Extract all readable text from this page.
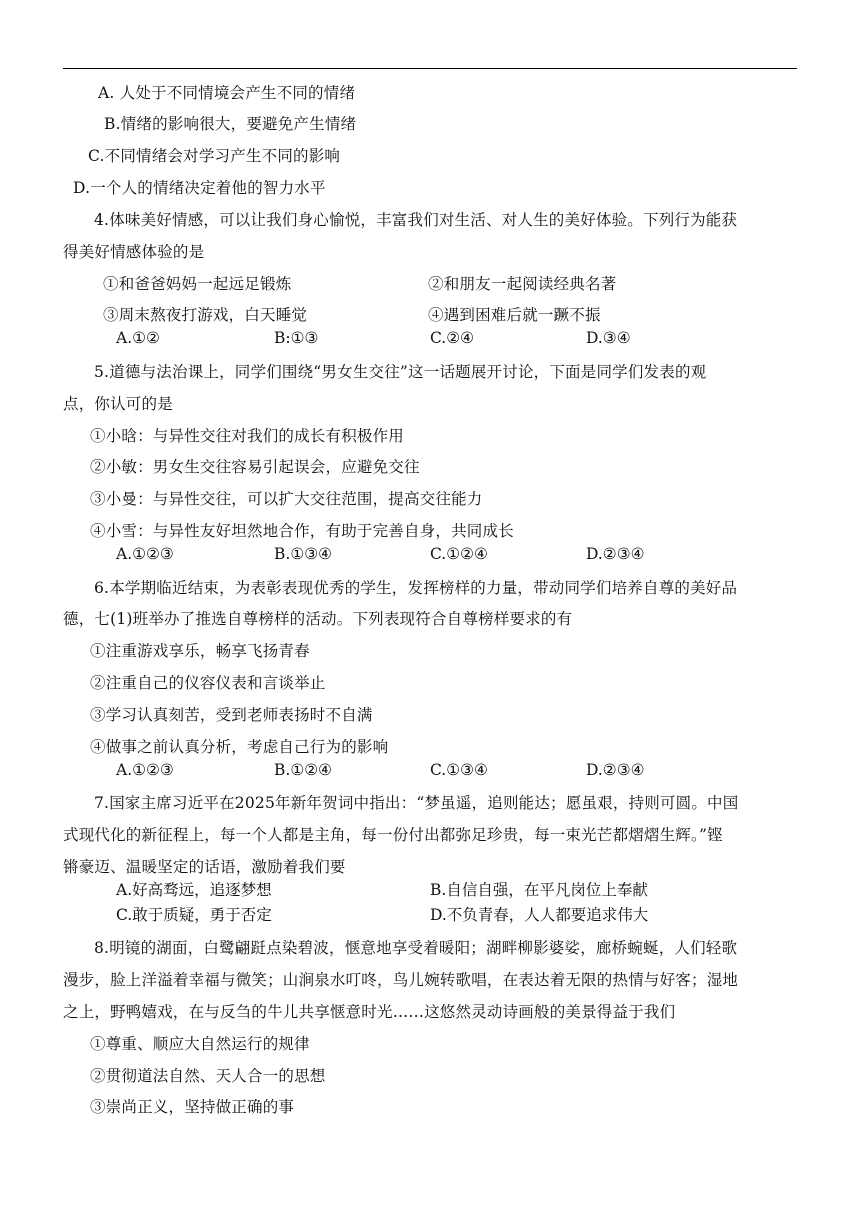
A. 人处于不同情境会产生不同的情绪
B.情绪的影响很大，要避免产生情绪
C.不同情绪会对学习产生不同的影响
D.一个人的情绪决定着他的智力水平
4.体味美好情感，可以让我们身心愉悦，丰富我们对生活、对人生的美好体验。下列行为能获
得美好情感体验的是
①和爸爸妈妈一起远足锻炼	②和朋友一起阅读经典名著
③周末熬夜打游戏，白天睡觉	④遇到困难后就一蹶不振
A.①②	B:①③	C.②④	D.③④
5.道德与法治课上，同学们围绕“男女生交往”这一话题展开讨论，下面是同学们发表的观
点，你认可的是
①小晗：与异性交往对我们的成长有积极作用
②小敏：男女生交往容易引起误会，应避免交往
③小曼：与异性交往，可以扩大交往范围，提高交往能力
④小雪：与异性友好坦然地合作，有助于完善自身，共同成长
A.①②③	B.①③④	C.①②④	D.②③④
6.本学期临近结束，为表彰表现优秀的学生，发挥榜样的力量，带动同学们培养自尊的美好品
德，七(1)班举办了推选自尊榜样的活动。下列表现符合自尊榜样要求的有
①注重游戏享乐，畅享飞扬青春
②注重自己的仪容仪表和言谈举止
③学习认真刻苦，受到老师表扬时不自满
④做事之前认真分析，考虑自己行为的影响
A.①②③	B.①②④	C.①③④	D.②③④
7.国家主席习近平在2025年新年贺词中指出：“梦虽遥，追则能达；愿虽艰，持则可圆。中国
式现代化的新征程上，每一个人都是主角，每一份付出都弥足珍贵，每一束光芒都熠熠生辉。”铿
锵豪迈、温暖坚定的话语，激励着我们要
A.好高骛远，追逐梦想	B.自信自强，在平凡岗位上奉献
C.敢于质疑，勇于否定	D.不负青春，人人都要追求伟大
8.明镜的湖面，白鹭翩跹点染碧波，惬意地享受着暖阳；湖畔柳影婆娑，廊桥蜿蜒，人们轻歌
漫步，脸上洋溢着幸福与微笑；山涧泉水叮咚，鸟儿婉转歌唱，在表达着无限的热情与好客；湿地
之上，野鸭嬉戏，在与反刍的牛儿共享惬意时光……这悠然灵动诗画般的美景得益于我们
①尊重、顺应大自然运行的规律
②贯彻道法自然、天人合一的思想
③崇尚正义，坚持做正确的事
